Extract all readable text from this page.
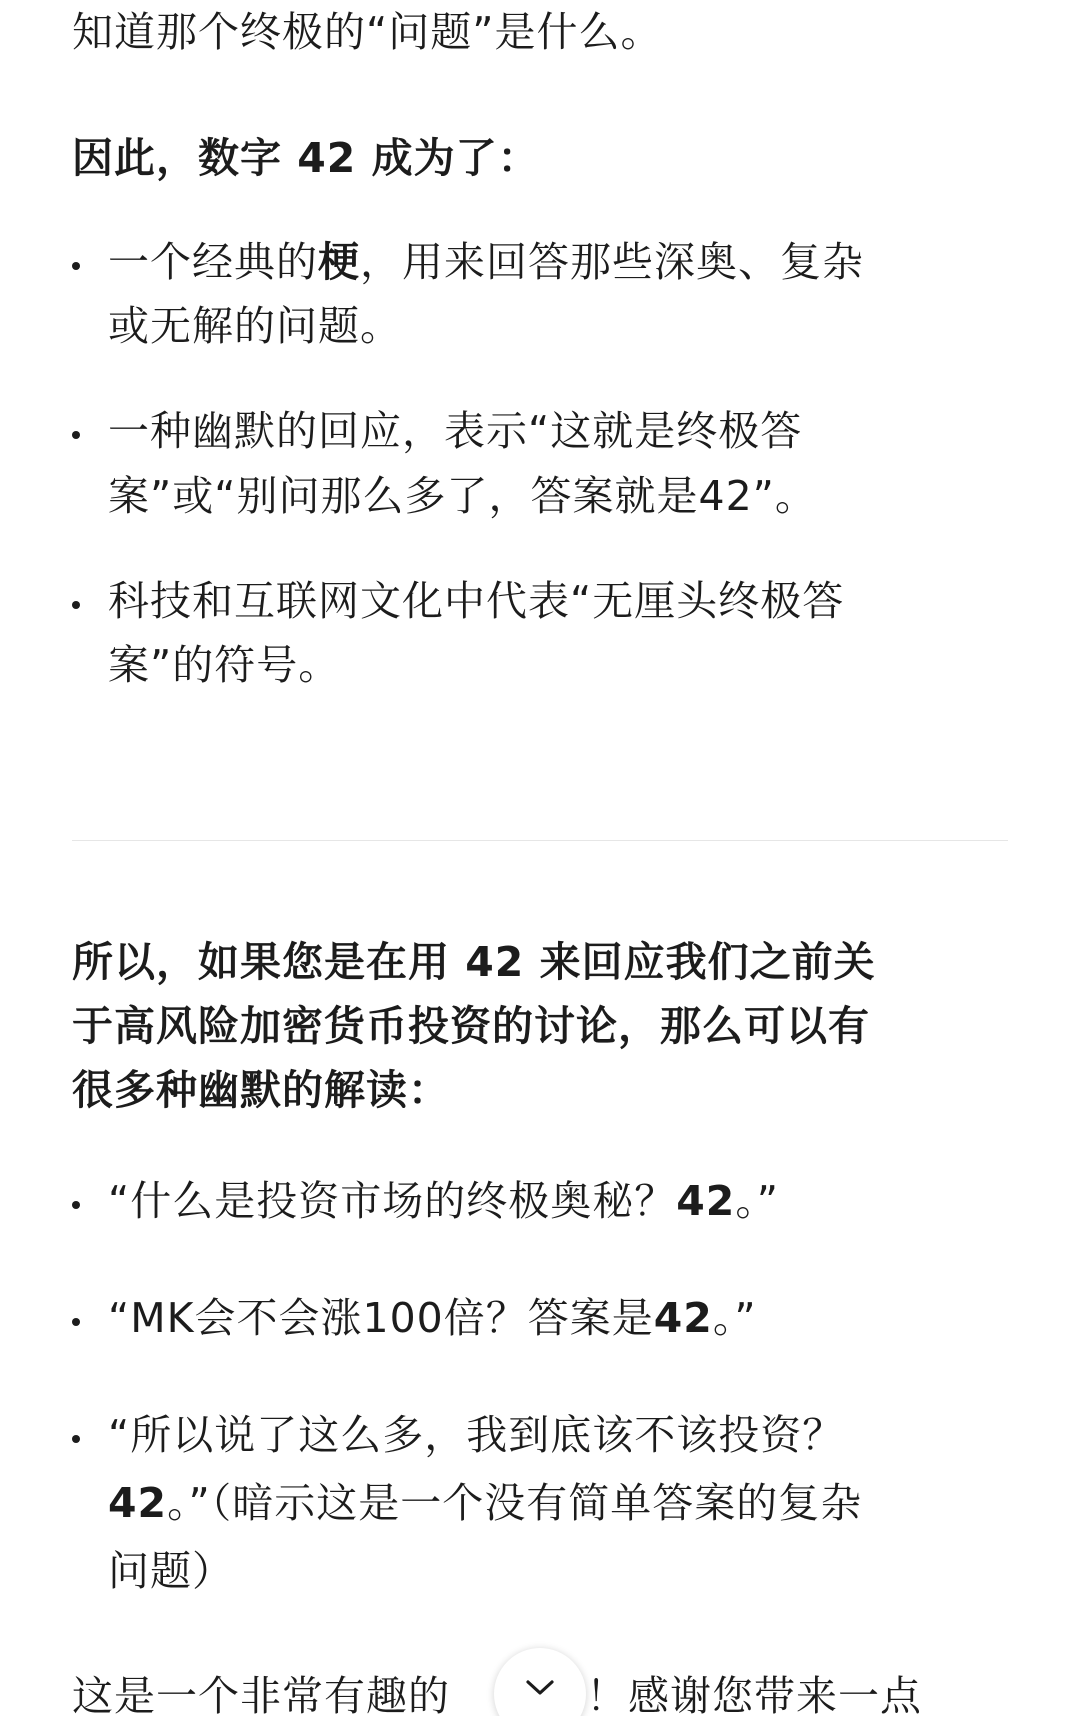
知道那个终极的“问题”是什么。
因此，数字 42 成为了：
一个经典的梗，用来回答那些深奥、复杂
或无解的问题。
一种幽默的回应，表示“这就是终极答
案”或“别问那么多了，答案就是42”。
科技和互联网文化中代表“无厘头终极答
案”的符号。
所以，如果您是在用 42 来回应我们之前关
于高风险加密货币投资的讨论，那么可以有
很多种幽默的解读：
“什么是投资市场的终极奥秘？42。”
“MK会不会涨100倍？答案是42。”
“所以说了这么多，我到底该不该投资？
42。”（暗示这是一个没有简单答案的复杂
问题）
这是一个非常有趣的	！感谢您带来一点
